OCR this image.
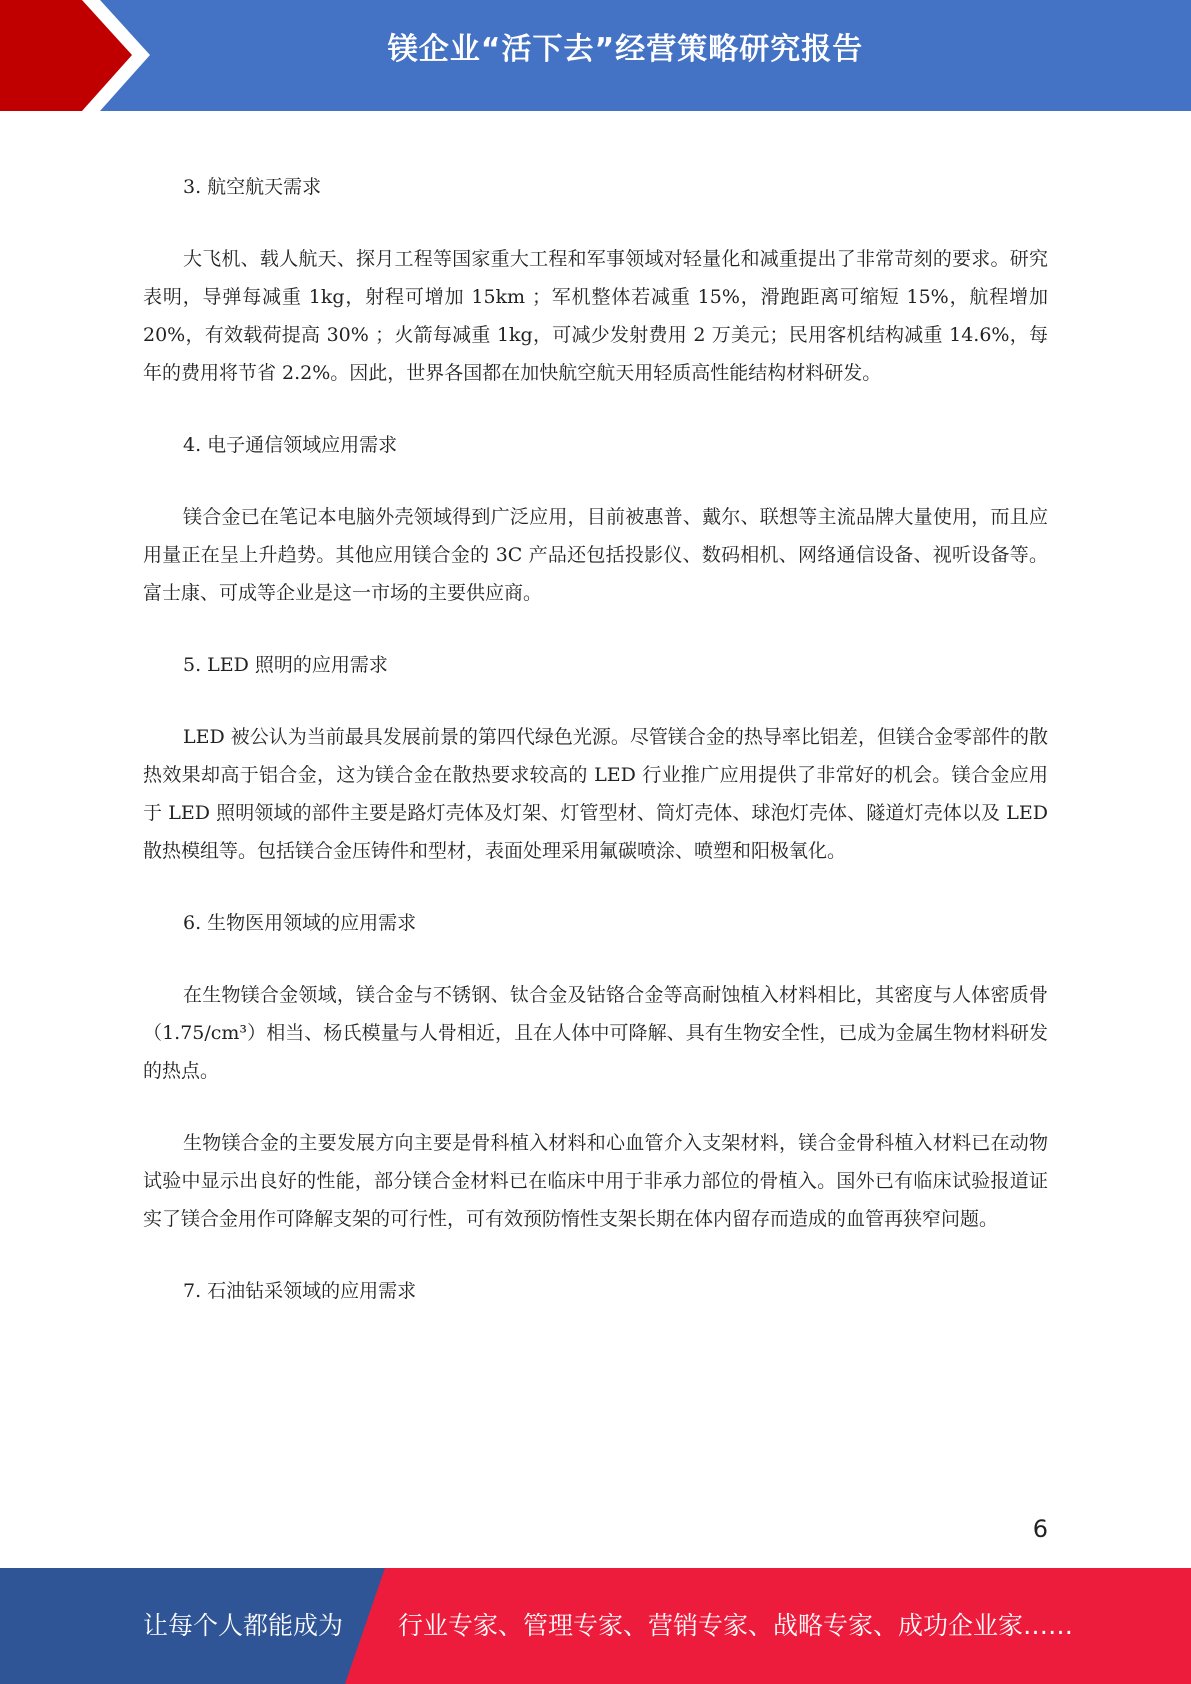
镁企业“活下去”经营策略研究报告
3. 航空航天需求

大飞机、载人航天、探月工程等国家重大工程和军事领域对轻量化和减重提出了非常苛刻的要求。研究表明，导弹每减重 1kg，射程可增加 15km ；军机整体若减重 15%，滑跑距离可缩短 15%，航程增加 20%，有效载荷提高 30% ；火箭每减重 1kg，可减少发射费用 2 万美元；民用客机结构减重 14.6%，每年的费用将节省 2.2%。因此，世界各国都在加快航空航天用轻质高性能结构材料研发。

4. 电子通信领域应用需求

镁合金已在笔记本电脑外壳领域得到广泛应用，目前被惠普、戴尔、联想等主流品牌大量使用，而且应用量正在呈上升趋势。其他应用镁合金的 3C 产品还包括投影仪、数码相机、网络通信设备、视听设备等。富士康、可成等企业是这一市场的主要供应商。

5. LED 照明的应用需求

LED 被公认为当前最具发展前景的第四代绿色光源。尽管镁合金的热导率比铝差，但镁合金零部件的散热效果却高于铝合金，这为镁合金在散热要求较高的 LED 行业推广应用提供了非常好的机会。镁合金应用于 LED 照明领域的部件主要是路灯壳体及灯架、灯管型材、筒灯壳体、球泡灯壳体、隧道灯壳体以及 LED 散热模组等。包括镁合金压铸件和型材，表面处理采用氟碳喷涂、喷塑和阳极氧化。

6. 生物医用领域的应用需求

在生物镁合金领域，镁合金与不锈钢、钛合金及钴铬合金等高耐蚀植入材料相比，其密度与人体密质骨（1.75/cm³）相当、杨氏模量与人骨相近，且在人体中可降解、具有生物安全性，已成为金属生物材料研发的热点。

生物镁合金的主要发展方向主要是骨科植入材料和心血管介入支架材料，镁合金骨科植入材料已在动物试验中显示出良好的性能，部分镁合金材料已在临床中用于非承力部位的骨植入。国外已有临床试验报道证实了镁合金用作可降解支架的可行性，可有效预防惰性支架长期在体内留存而造成的血管再狭窄问题。

7. 石油钻采领域的应用需求
6
让每个人都能成为 行业专家、管理专家、营销专家、战略专家、成功企业家……
